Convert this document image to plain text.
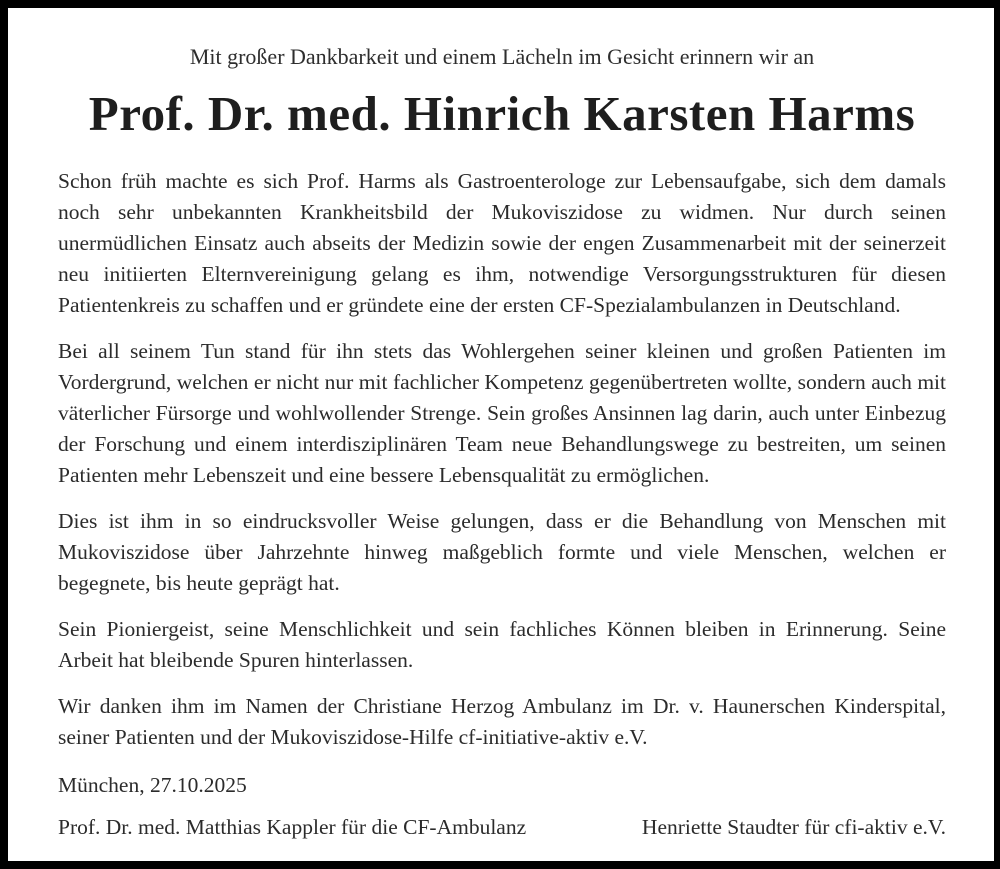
Mit großer Dankbarkeit und einem Lächeln im Gesicht erinnern wir an

Prof. Dr. med. Hinrich Karsten Harms

Schon früh machte es sich Prof. Harms als Gastroenterologe zur Lebensaufgabe, sich dem damals noch sehr unbekannten Krankheitsbild der Mukoviszidose zu widmen. Nur durch seinen unermüdlichen Einsatz auch abseits der Medizin sowie der engen Zusammenarbeit mit der seinerzeit neu initiierten Elternvereinigung gelang es ihm, notwendige Versorgungsstrukturen für diesen Patientenkreis zu schaffen und er gründete eine der ersten CF-Spezialambulanzen in Deutschland.

Bei all seinem Tun stand für ihn stets das Wohlergehen seiner kleinen und großen Patienten im Vordergrund, welchen er nicht nur mit fachlicher Kompetenz gegenübertreten wollte, sondern auch mit väterlicher Fürsorge und wohlwollender Strenge. Sein großes Ansinnen lag darin, auch unter Einbezug der Forschung und einem interdisziplinären Team neue Behandlungswege zu bestreiten, um seinen Patienten mehr Lebenszeit und eine bessere Lebensqualität zu ermöglichen.

Dies ist ihm in so eindrucksvoller Weise gelungen, dass er die Behandlung von Menschen mit Mukoviszidose über Jahrzehnte hinweg maßgeblich formte und viele Menschen, welchen er begegnete, bis heute geprägt hat.

Sein Pioniergeist, seine Menschlichkeit und sein fachliches Können bleiben in Erinnerung. Seine Arbeit hat bleibende Spuren hinterlassen.

Wir danken ihm im Namen der Christiane Herzog Ambulanz im Dr. v. Haunerschen Kinderspital, seiner Patienten und der Mukoviszidose-Hilfe cf-initiative-aktiv e.V.

München, 27.10.2025

Prof. Dr. med. Matthias Kappler für die CF-Ambulanz	Henriette Staudter für cfi-aktiv e.V.
